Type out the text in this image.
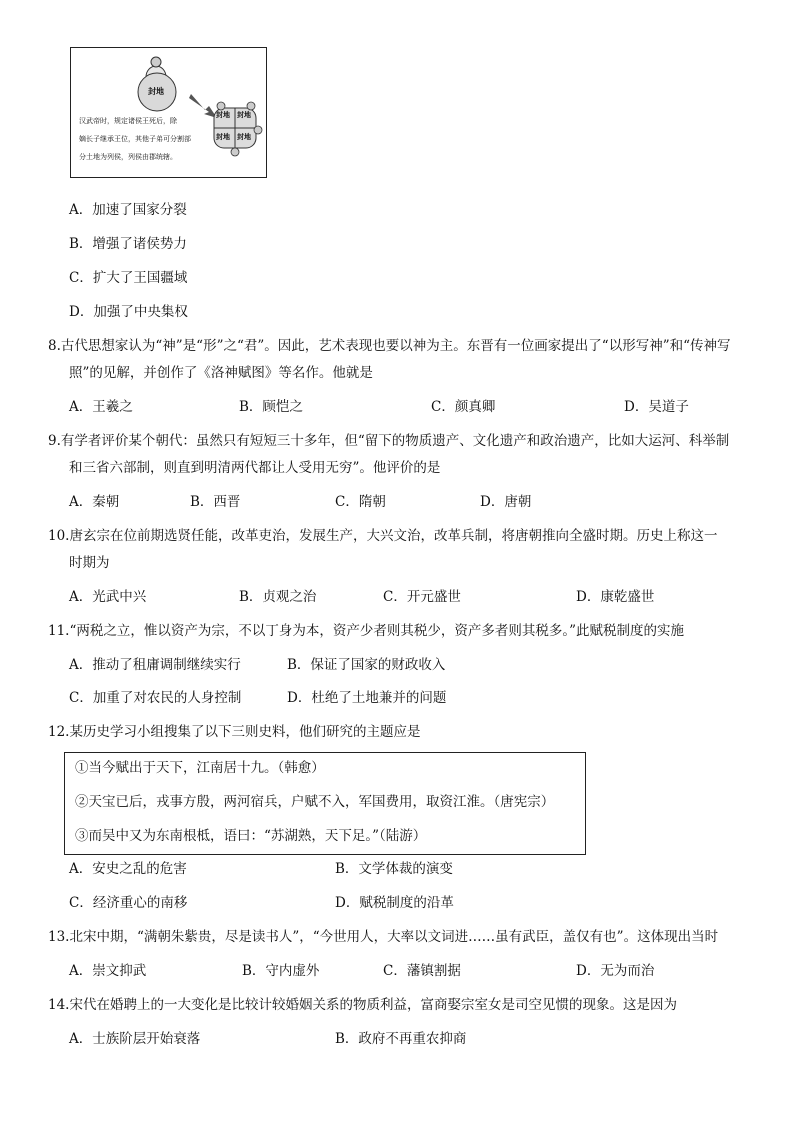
封地
封地 封地
封地 封地
汉武帝时，规定诸侯王死后，除
嫡长子继承王位，其他子弟可分割部
分土地为列侯，列侯由郡统辖。
A．加速了国家分裂
B．增强了诸侯势力
C．扩大了王国疆域
D．加强了中央集权
8.古代思想家认为“神”是“形”之“君”。因此，艺术表现也要以神为主。东晋有一位画家提出了“以形写神”和“传神写
照”的见解，并创作了《洛神赋图》等名作。他就是
A．王羲之	B．顾恺之	C．颜真卿	D．吴道子
9.有学者评价某个朝代：虽然只有短短三十多年，但“留下的物质遗产、文化遗产和政治遗产，比如大运河、科举制
和三省六部制，则直到明清两代都让人受用无穷”。他评价的是
A．秦朝	B．西晋	C．隋朝	D．唐朝
10.唐玄宗在位前期选贤任能，改革吏治，发展生产，大兴文治，改革兵制，将唐朝推向全盛时期。历史上称这一
时期为
A．光武中兴	B．贞观之治	C．开元盛世	D．康乾盛世
11.“两税之立，惟以资产为宗，不以丁身为本，资产少者则其税少，资产多者则其税多。”此赋税制度的实施
A．推动了租庸调制继续实行	B．保证了国家的财政收入
C．加重了对农民的人身控制	D．杜绝了土地兼并的问题
12.某历史学习小组搜集了以下三则史料，他们研究的主题应是
①当今赋出于天下，江南居十九。（韩愈）
②天宝已后，戎事方殷，两河宿兵，户赋不入，军国费用，取资江淮。（唐宪宗）
③而吴中又为东南根柢，语曰：“苏湖熟，天下足。”（陆游）
A．安史之乱的危害	B．文学体裁的演变
C．经济重心的南移	D．赋税制度的沿革
13.北宋中期，“满朝朱紫贵，尽是读书人”，“今世用人，大率以文词进……虽有武臣，盖仅有也”。这体现出当时
A．崇文抑武	B．守内虚外	C．藩镇割据	D．无为而治
14.宋代在婚聘上的一大变化是比较计较婚姻关系的物质利益，富商娶宗室女是司空见惯的现象。这是因为
A．士族阶层开始衰落	B．政府不再重农抑商
